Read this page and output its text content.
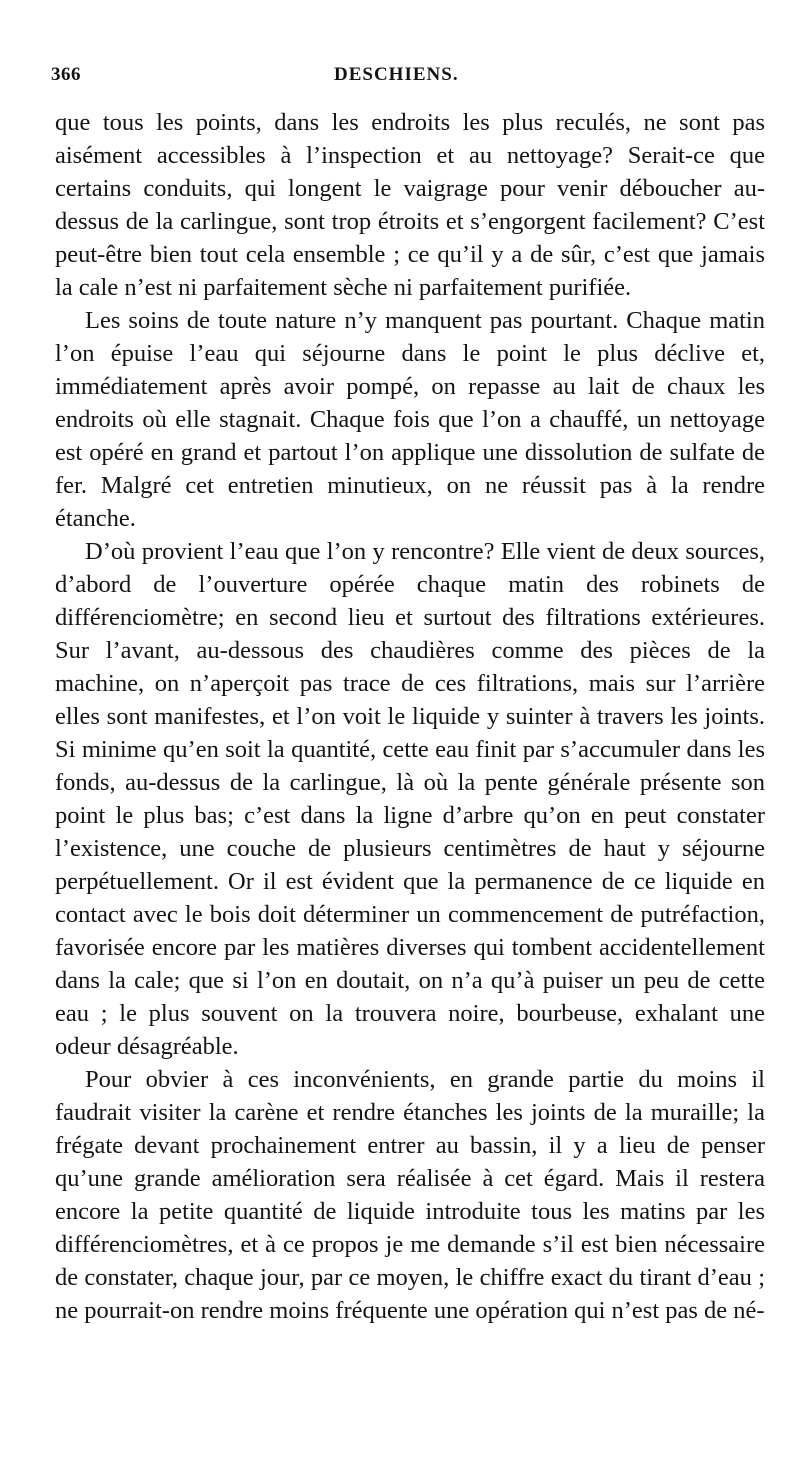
366	DESCHIENS.

que tous les points, dans les endroits les plus reculés, ne sont pas aisément accessibles à l’inspection et au nettoyage? Serait-ce que certains conduits, qui longent le vaigrage pour venir déboucher au-dessus de la carlingue, sont trop étroits et s’engorgent facilement? C’est peut-être bien tout cela ensemble ; ce qu’il y a de sûr, c’est que jamais la cale n’est ni parfaitement sèche ni parfaitement purifiée.

Les soins de toute nature n’y manquent pas pourtant. Chaque matin l’on épuise l’eau qui séjourne dans le point le plus déclive et, immédiatement après avoir pompé, on repasse au lait de chaux les endroits où elle stagnait. Chaque fois que l’on a chauffé, un nettoyage est opéré en grand et partout l’on applique une dissolution de sulfate de fer. Malgré cet entretien minutieux, on ne réussit pas à la rendre étanche.

D’où provient l’eau que l’on y rencontre? Elle vient de deux sources, d’abord de l’ouverture opérée chaque matin des robinets de différenciomètre; en second lieu et surtout des filtrations extérieures. Sur l’avant, au-dessous des chaudières comme des pièces de la machine, on n’aperçoit pas trace de ces filtrations, mais sur l’arrière elles sont manifestes, et l’on voit le liquide y suinter à travers les joints. Si minime qu’en soit la quantité, cette eau finit par s’accumuler dans les fonds, au-dessus de la carlingue, là où la pente générale présente son point le plus bas; c’est dans la ligne d’arbre qu’on en peut constater l’existence, une couche de plusieurs centimètres de haut y séjourne perpétuellement. Or il est évident que la permanence de ce liquide en contact avec le bois doit déterminer un commencement de putréfaction, favorisée encore par les matières diverses qui tombent accidentellement dans la cale; que si l’on en doutait, on n’a qu’à puiser un peu de cette eau ; le plus souvent on la trouvera noire, bourbeuse, exhalant une odeur désagréable.

Pour obvier à ces inconvénients, en grande partie du moins il faudrait visiter la carène et rendre étanches les joints de la muraille; la frégate devant prochainement entrer au bassin, il y a lieu de penser qu’une grande amélioration sera réalisée à cet égard. Mais il restera encore la petite quantité de liquide introduite tous les matins par les différenciomètres, et à ce propos je me demande s’il est bien nécessaire de constater, chaque jour, par ce moyen, le chiffre exact du tirant d’eau ; ne pourrait-on rendre moins fréquente une opération qui n’est pas de né-
